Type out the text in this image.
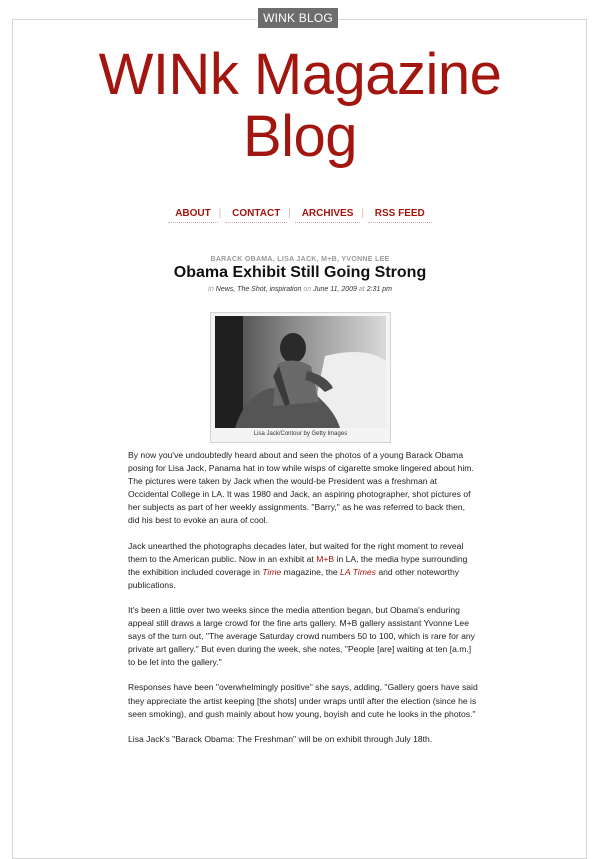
WINK BLOG
WINk Magazine
Blog
ABOUT | CONTACT | ARCHIVES | RSS FEED
BARACK OBAMA, LISA JACK, M+B, YVONNE LEE
Obama Exhibit Still Going Strong
In News, The Shot, inspiration on June 11, 2009 at 2:31 pm
Lisa Jack/Contour by Getty Images

By now you've undoubtedly heard about and seen the photos of a young Barack Obama posing for Lisa Jack, Panama hat in tow while wisps of cigarette smoke lingered about him. The pictures were taken by Jack when the would-be President was a freshman at Occidental College in LA. It was 1980 and Jack, an aspiring photographer, shot pictures of her subjects as part of her weekly assignments. "Barry," as he was referred to back then, did his best to evoke an aura of cool.

Jack unearthed the photographs decades later, but waited for the right moment to reveal them to the American public. Now in an exhibit at M+B in LA, the media hype surrounding the exhibition included coverage in Time magazine, the LA Times and other noteworthy publications.

It's been a little over two weeks since the media attention began, but Obama's enduring appeal still draws a large crowd for the fine arts gallery. M+B gallery assistant Yvonne Lee says of the turn out, "The average Saturday crowd numbers 50 to 100, which is rare for any private art gallery." But even during the week, she notes, "People [are] waiting at ten [a.m.] to be let into the gallery."

Responses have been "overwhelmingly positive" she says, adding, "Gallery goers have said they appreciate the artist keeping [the shots] under wraps until after the election (since he is seen smoking), and gush mainly about how young, boyish and cute he looks in the photos."

Lisa Jack's "Barack Obama: The Freshman" will be on exhibit through July 18th.
